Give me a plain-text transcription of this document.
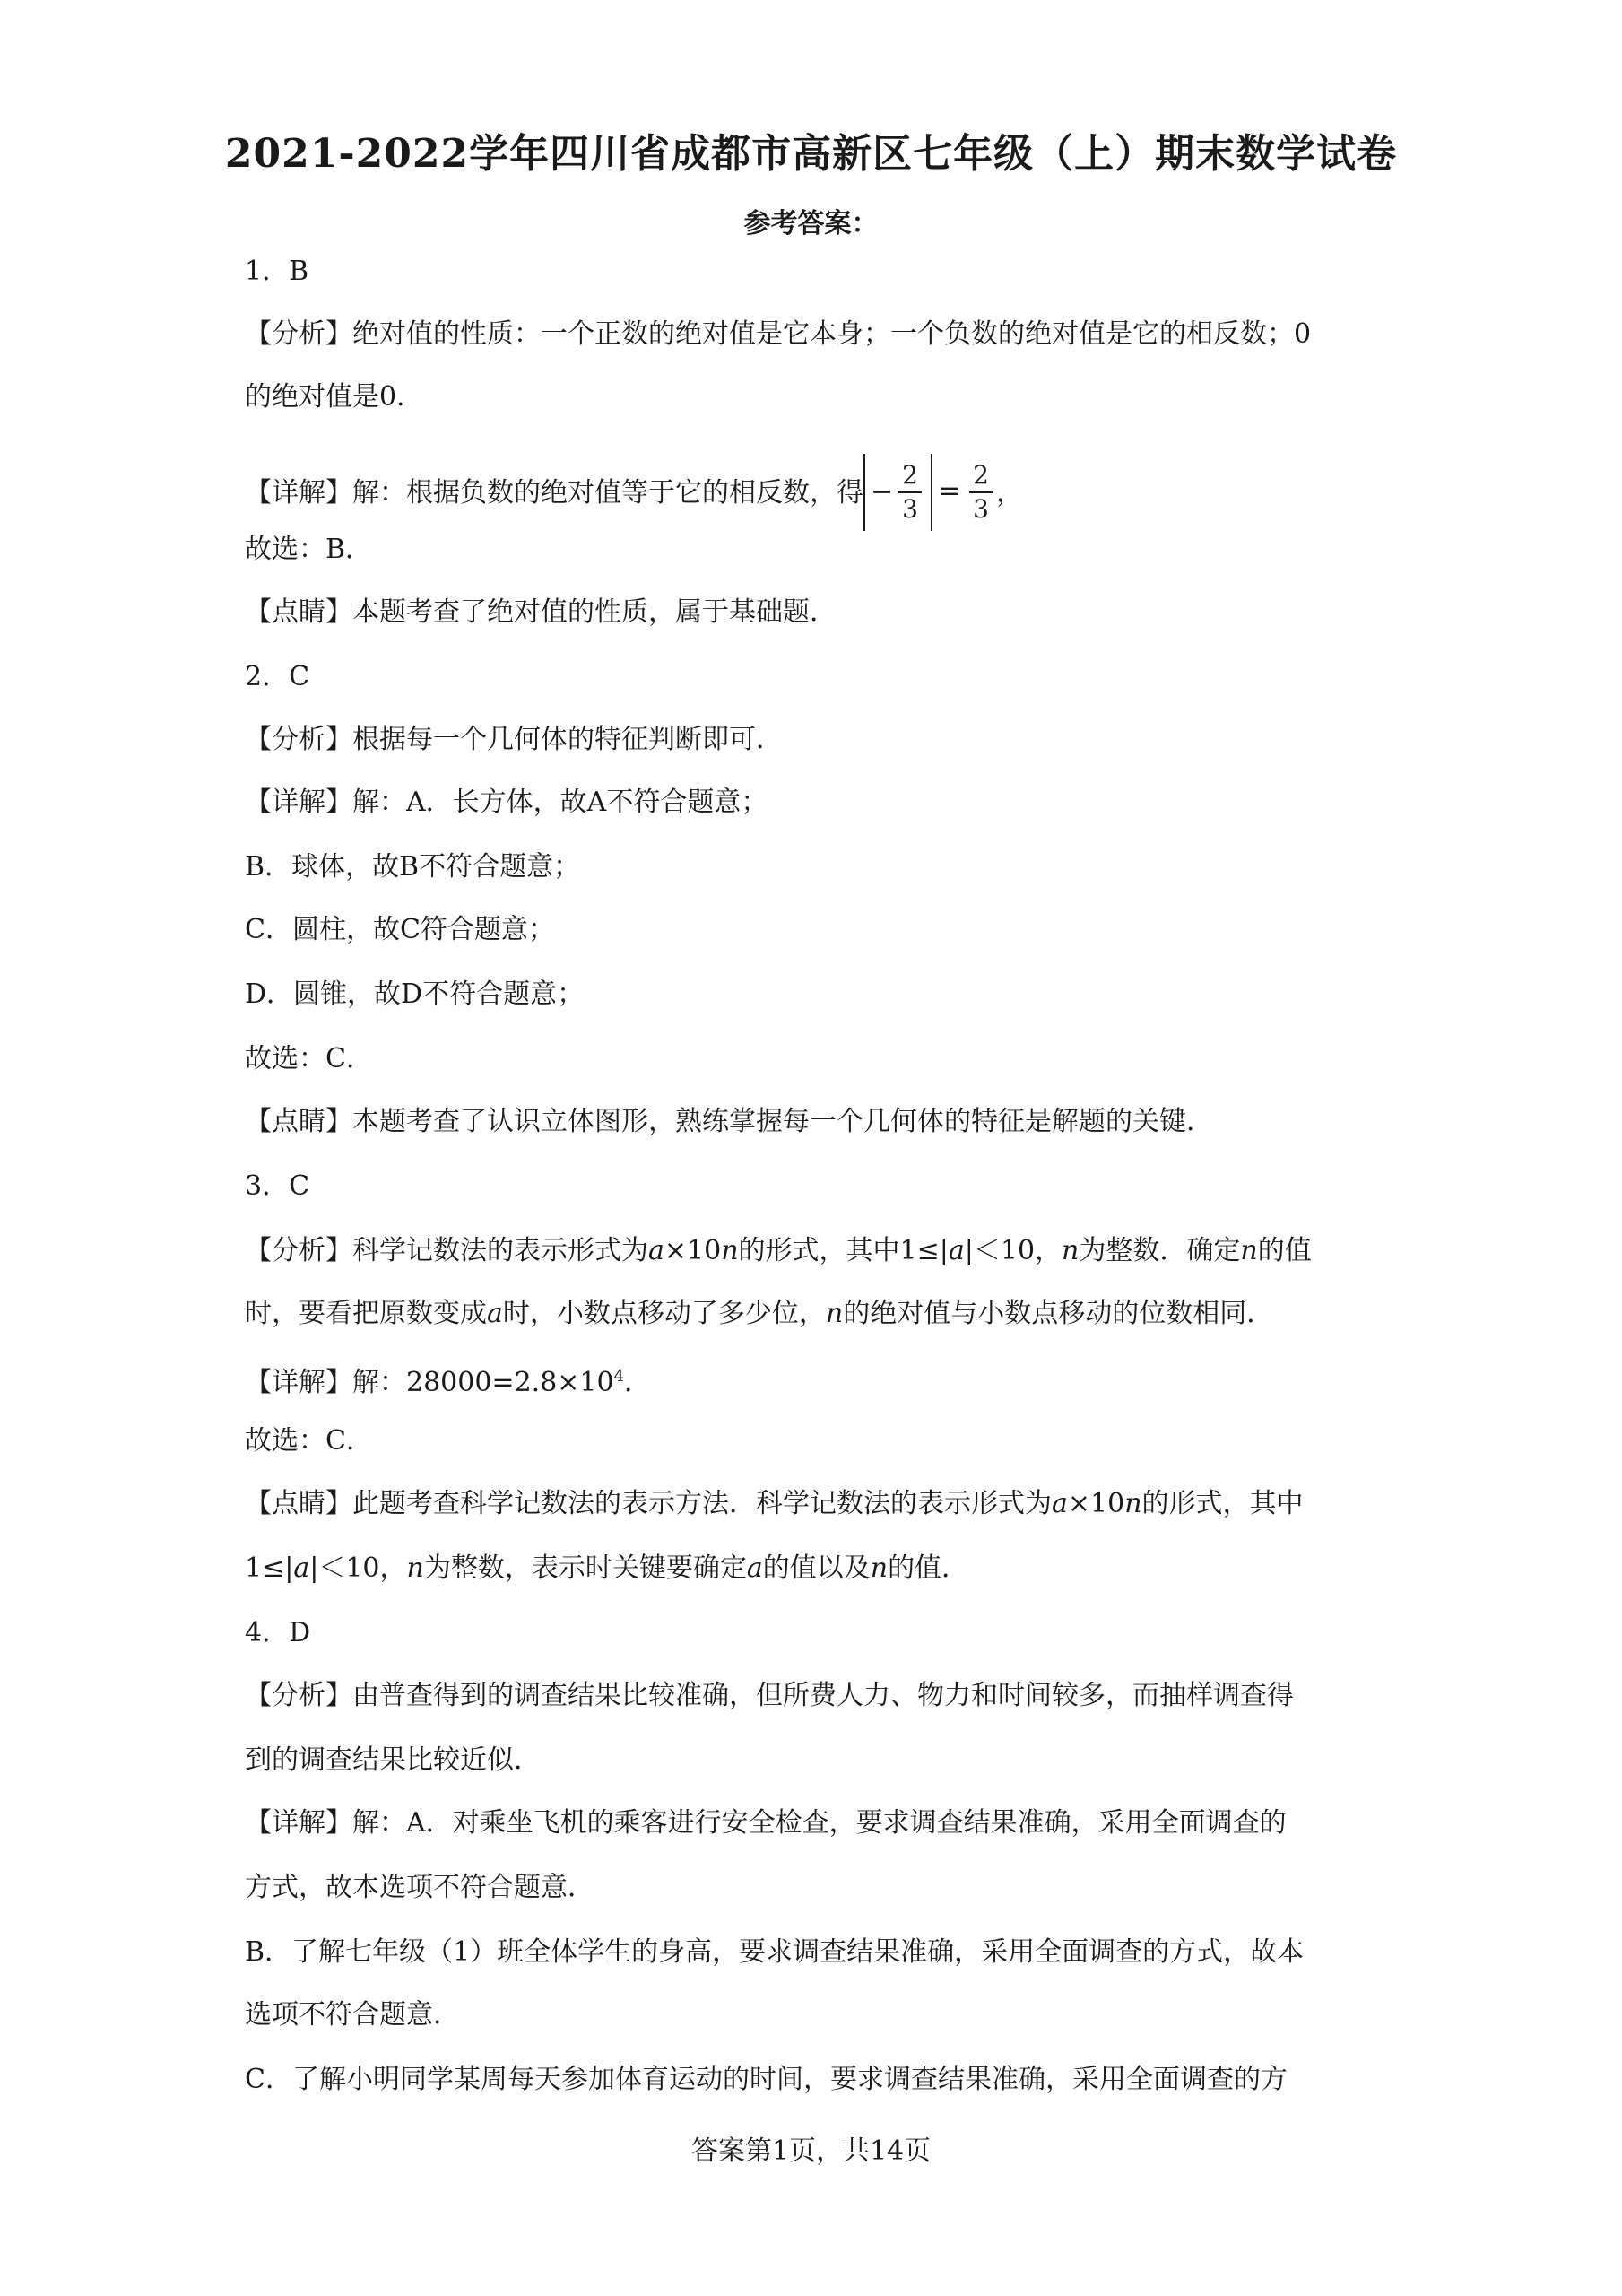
2021-2022学年四川省成都市高新区七年级（上）期末数学试卷
参考答案：
1．B
【分析】绝对值的性质：一个正数的绝对值是它本身；一个负数的绝对值是它的相反数；0
的绝对值是0．
【详解】解：根据负数的绝对值等于它的相反数，得 − $\frac{2}{3} = \frac{2}{3}$ ，
故选：B．
【点睛】本题考查了绝对值的性质，属于基础题．
2．C
【分析】根据每一个几何体的特征判断即可．
【详解】解：A．长方体，故A不符合题意；
B．球体，故B不符合题意；
C．圆柱，故C符合题意；
D．圆锥，故D不符合题意；
故选：C．
【点睛】本题考查了认识立体图形，熟练掌握每一个几何体的特征是解题的关键．
3．C
【分析】科学记数法的表示形式为a×10n的形式，其中1≤|a|＜10，n为整数．确定n的值
时，要看把原数变成a时，小数点移动了多少位，n的绝对值与小数点移动的位数相同．
【详解】解：$28000=2.8\times 10^4$．
故选：C．
【点睛】此题考查科学记数法的表示方法．科学记数法的表示形式为a×10n的形式，其中
1≤|a|＜10，n为整数，表示时关键要确定a的值以及n的值．
4．D
【分析】由普查得到的调查结果比较准确，但所费人力、物力和时间较多，而抽样调查得
到的调查结果比较近似．
【详解】解：A．对乘坐飞机的乘客进行安全检查，要求调查结果准确，采用全面调查的
方式，故本选项不符合题意．
B．了解七年级（1）班全体学生的身高，要求调查结果准确，采用全面调查的方式，故本
选项不符合题意．
C．了解小明同学某周每天参加体育运动的时间，要求调查结果准确，采用全面调查的方
答案第1页，共14页
